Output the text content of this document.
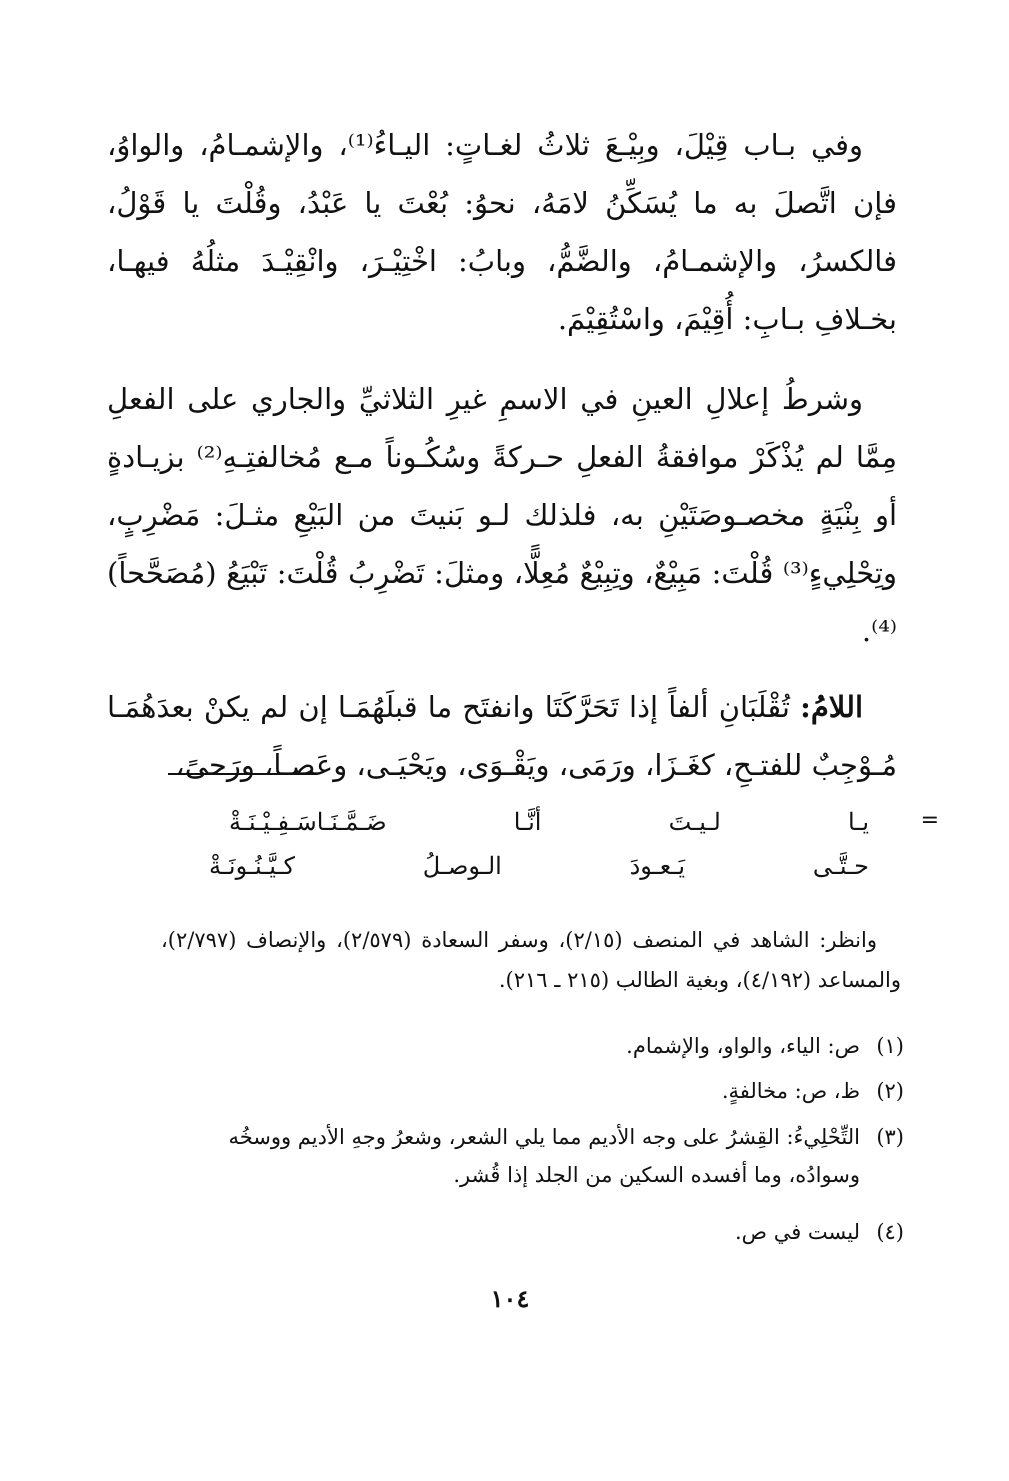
وفي بـاب قِيْلَ، وبِيْـعَ ثلاثُ لغـاتٍ: اليـاءُ⁽¹⁾، والإشمـامُ، والواوُ، فإن اتَّصلَ به ما يُسَكِّنُ لامَهُ، نحوُ: بُعْتَ يا عَبْدُ، وقُلْتَ يا قَوْلُ، فالكسرُ، والإشمـامُ، والضَّمُّ، وبابُ: اخْتِيْـرَ، وانْقِيْـدَ مثلُهُ فيهـا، بخـلافِ بـابِ: أُقِيْمَ، واسْتُقِيْمَ.

وشرطُ إعلالِ العينِ في الاسمِ غيرِ الثلاثيِّ والجاري على الفعلِ مِمَّا لم يُذْكَرْ موافقةُ الفعلِ حـركةً وسُكُـوناً مـع مُخالفتِـهِ⁽²⁾ بزيـادةٍ أو بِنْيَةٍ مخصـوصَتَيْنِ به، فلذلك لـو بَنيتَ من البَيْعِ مثـلَ: مَضْرِبٍ، وتِحْلِيءٍ⁽³⁾ قُلْتَ: مَبِيْعٌ، وتِبِيْعٌ مُعِلًّا، ومثلَ: تَضْرِبُ قُلْتَ: تَبْيَعُ (مُصَحَّحاً)⁽⁴⁾.

اللامُ: تُقْلَبَانِ ألفاً إذا تَحَرَّكَتَا وانفتَح ما قبلَهُمَـا إن لم يكنْ بعدَهُمَـا مُـوْجِبٌ للفتـحِ، كغَـزَا، ورَمَى، ويَقْـوَى، ويَحْيَـى، وعَصـاً، ورَحىً،

=
يـا لـيـتَ أنَّـا ضَـمَّـنَـاسَـفِـيْـنَـةْ
حـتَّـى يَـعـودَ الـوصـلُ كـيَّـنُـونَـةْ

وانظر: الشاهد في المنصف (٢/١٥)، وسفر السعادة (٢/٥٧٩)، والإنصاف (٢/٧٩٧)، والمساعد (٤/١٩٢)، وبغية الطالب (٢١٥ ـ ٢١٦).

(١)ص: الياء، والواو، والإشمام.
(٢)ظ، ص: مخالفةٍ.
(٣)التِّحْلِيءُ: القِشرُ على وجه الأديم مما يلي الشعر، وشعرُ وجهِ الأديم ووسخُه
وسوادُه، وما أفسده السكين من الجلد إذا قُشر.
(٤)ليست في ص.
١٠٤
